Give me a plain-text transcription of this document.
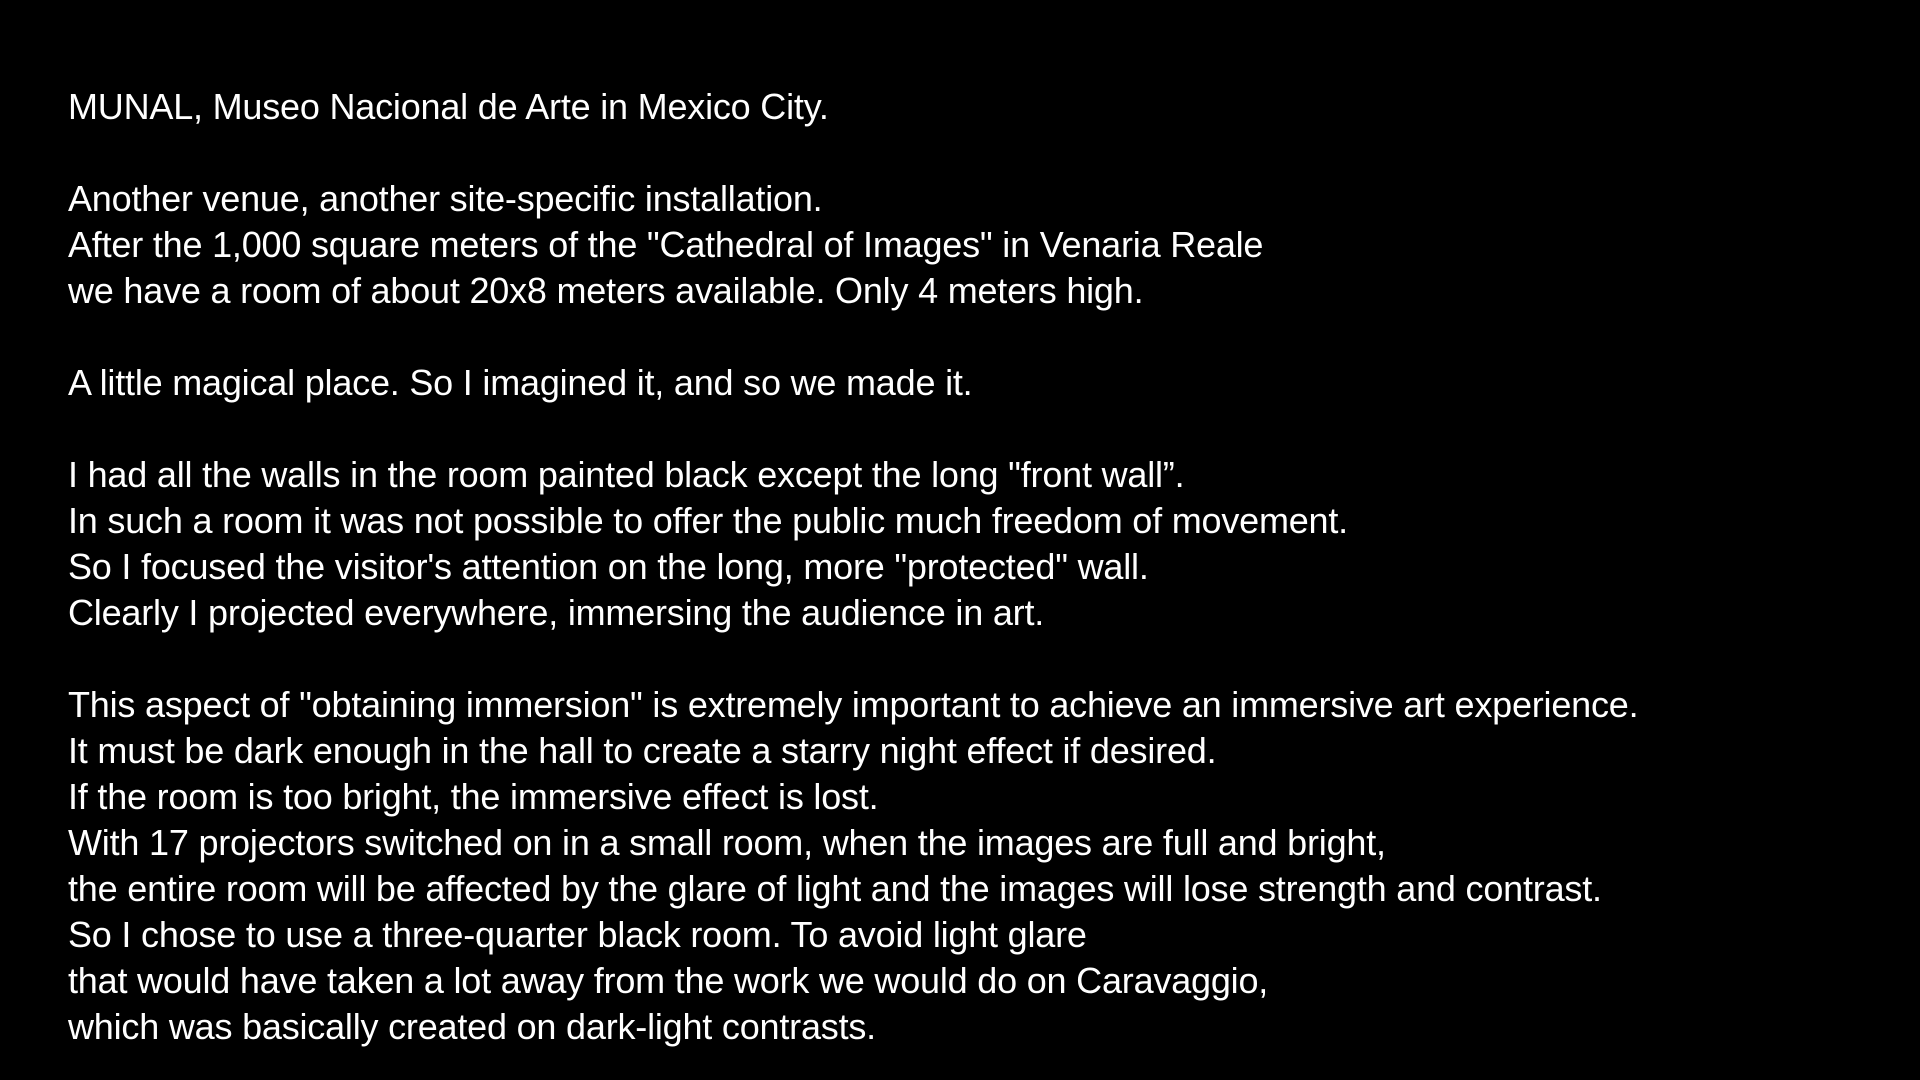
MUNAL, Museo Nacional de Arte in Mexico City.

Another venue, another site-specific installation.
After the 1,000 square meters of the "Cathedral of Images" in Venaria Reale
we have a room of about 20x8 meters available. Only 4 meters high.

A little magical place. So I imagined it, and so we made it.

I had all the walls in the room painted black except the long "front wall”.
In such a room it was not possible to offer the public much freedom of movement.
So I focused the visitor's attention on the long, more "protected" wall.
Clearly I projected everywhere, immersing the audience in art.

This aspect of "obtaining immersion" is extremely important to achieve an immersive art experience.
It must be dark enough in the hall to create a starry night effect if desired.
If the room is too bright, the immersive effect is lost.
With 17 projectors switched on in a small room, when the images are full and bright,
the entire room will be affected by the glare of light and the images will lose strength and contrast.
So I chose to use a three-quarter black room. To avoid light glare
that would have taken a lot away from the work we would do on Caravaggio,
which was basically created on dark-light contrasts.
